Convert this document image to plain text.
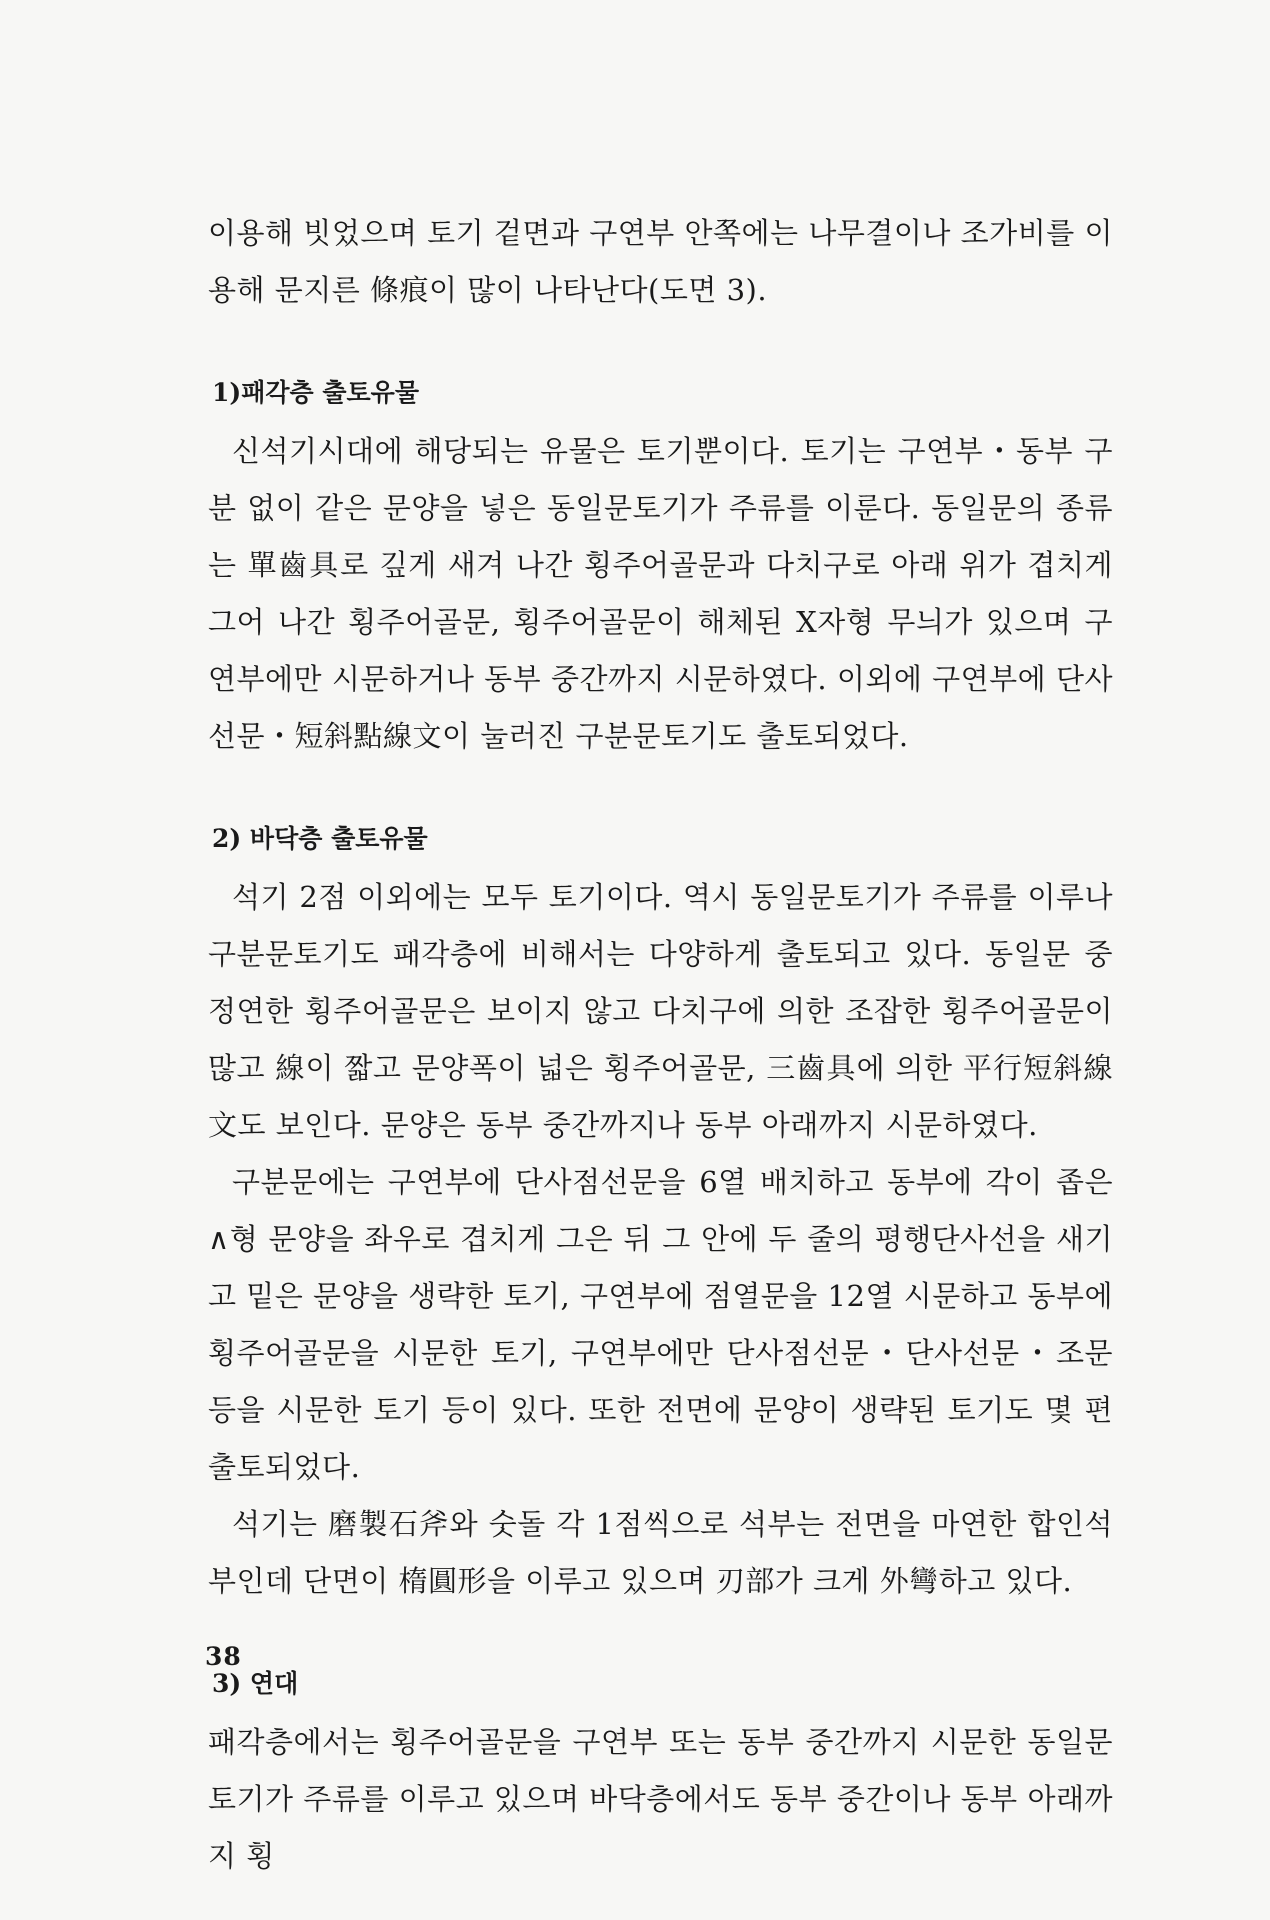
이용해 빗었으며 토기 겉면과 구연부 안쪽에는 나무결이나 조가비를 이용해 문지른 條痕이 많이 나타난다(도면 3).

1)패각층 출토유물

신석기시대에 해당되는 유물은 토기뿐이다. 토기는 구연부・동부 구분 없이 같은 문양을 넣은 동일문토기가 주류를 이룬다. 동일문의 종류는 單齒具로 깊게 새겨 나간 횡주어골문과 다치구로 아래 위가 겹치게 그어 나간 횡주어골문, 횡주어골문이 해체된 X자형 무늬가 있으며 구연부에만 시문하거나 동부 중간까지 시문하였다. 이외에 구연부에 단사선문・短斜點線文이 눌러진 구분문토기도 출토되었다.

2) 바닥층 출토유물

석기 2점 이외에는 모두 토기이다. 역시 동일문토기가 주류를 이루나 구분문토기도 패각층에 비해서는 다양하게 출토되고 있다. 동일문 중 정연한 횡주어골문은 보이지 않고 다치구에 의한 조잡한 횡주어골문이 많고 線이 짧고 문양폭이 넓은 횡주어골문, 三齒具에 의한 平行短斜線文도 보인다. 문양은 동부 중간까지나 동부 아래까지 시문하였다.

구분문에는 구연부에 단사점선문을 6열 배치하고 동부에 각이 좁은 ∧형 문양을 좌우로 겹치게 그은 뒤 그 안에 두 줄의 평행단사선을 새기고 밑은 문양을 생략한 토기, 구연부에 점열문을 12열 시문하고 동부에 횡주어골문을 시문한 토기, 구연부에만 단사점선문・단사선문・조문 등을 시문한 토기 등이 있다. 또한 전면에 문양이 생략된 토기도 몇 편 출토되었다.

석기는 磨製石斧와 숫돌 각 1점씩으로 석부는 전면을 마연한 합인석부인데 단면이 楕圓形을 이루고 있으며 刃部가 크게 外彎하고 있다.

3) 연대

패각층에서는 횡주어골문을 구연부 또는 동부 중간까지 시문한 동일문토기가 주류를 이루고 있으며 바닥층에서도 동부 중간이나 동부 아래까지 횡

38
